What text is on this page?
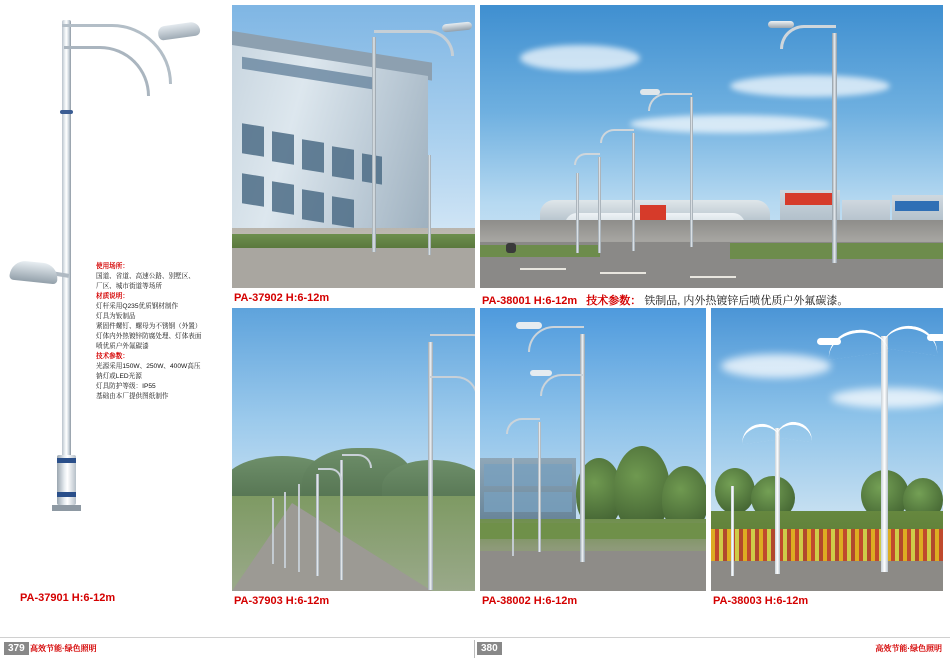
使用场所：

国道、省道、高速公路、别墅区、

厂区、城市街道等场所

材质说明：

灯杆采用Q235优质钢材制作

灯具为钣制品

紧固件螺钉、螺母为不锈钢（外置）

灯体内外热镀锌防腐处理、灯体表面

喷优质户外氟碳漆

技术参数：

光源采用150W、250W、400W高压

钠灯或LED光源

灯具防护等级：IP55

基础由本厂提供图纸制作

PA-37901 H:6-12m
PA-37902 H:6-12m	PA-38001 H:6-12m 技术参数： 铁制品, 内外热镀锌后喷优质户外氟碳漆。
PA-37903 H:6-12m	PA-38002 H:6-12m	PA-38003 H:6-12m
379 高效节能·绿色照明	380	高效节能·绿色照明
